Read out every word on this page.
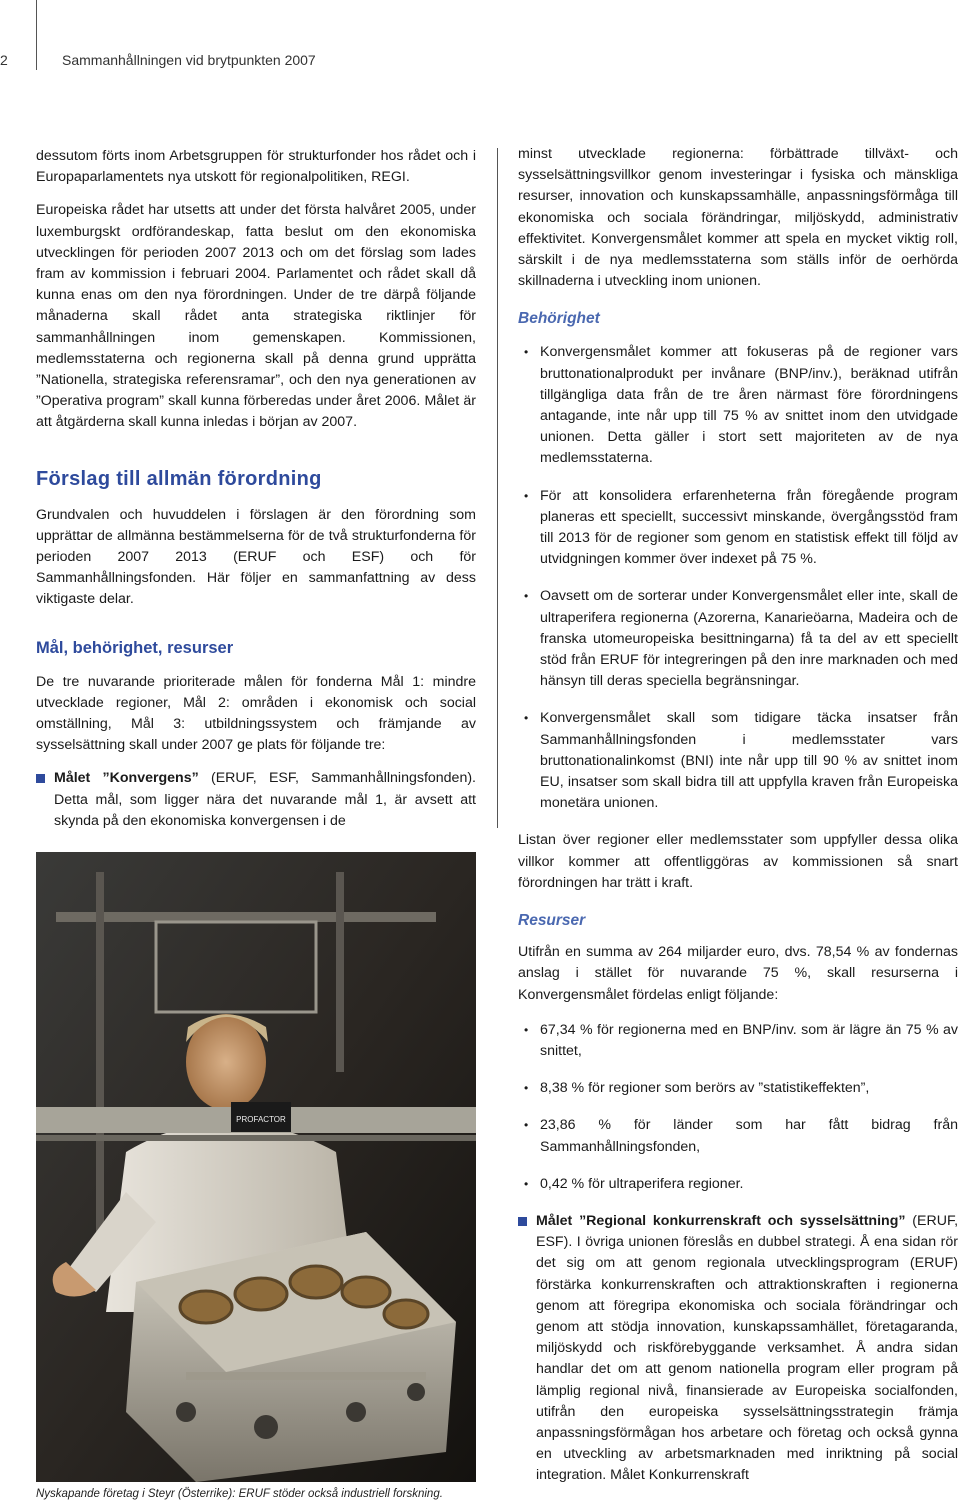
2	Sammanhållningen vid brytpunkten 2007

dessutom förts inom Arbetsgruppen för strukturfonder hos rådet och i Europaparlamentets nya utskott för regionalpolitiken, REGI.

Europeiska rådet har utsetts att under det första halvåret 2005, under luxemburgskt ordförandeskap, fatta beslut om den ekonomiska utvecklingen för perioden 2007 2013 och om det förslag som lades fram av kommission i februari 2004. Parlamentet och rådet skall då kunna enas om den nya förordningen. Under de tre därpå följande månaderna skall rådet anta strategiska riktlinjer för sammanhållningen inom gemenskapen. Kommissionen, medlemsstaterna och regionerna skall på denna grund upprätta ”Nationella, strategiska referensramar”, och den nya generationen av ”Operativa program” skall kunna förberedas under året 2006. Målet är att åtgärderna skall kunna inledas i början av 2007.

Förslag till allmän förordning

Grundvalen och huvuddelen i förslagen är den förordning som upprättar de allmänna bestämmelserna för de två strukturfonderna för perioden 2007 2013 (ERUF och ESF) och för Sammanhållningsfonden. Här följer en sammanfattning av dess viktigaste delar.

Mål, behörighet, resurser

De tre nuvarande prioriterade målen för fonderna Mål 1: mindre utvecklade regioner, Mål 2: områden i ekonomisk och social omställning, Mål 3: utbildningssystem och främjande av sysselsättning skall under 2007 ge plats för följande tre:

Målet ”Konvergens” (ERUF, ESF, Sammanhållningsfonden). Detta mål, som ligger nära det nuvarande mål 1, är avsett att skynda på den ekonomiska konvergensen i de
PROFACTOR
Nyskapande företag i Steyr (Österrike): ERUF stöder också industriell forskning.

minst utvecklade regionerna: förbättrade tillväxt- och sysselsättningsvillkor genom investeringar i fysiska och mänskliga resurser, innovation och kunskapssamhälle, anpassningsförmåga till ekonomiska och sociala förändringar, miljöskydd, administrativ effektivitet. Konvergensmålet kommer att spela en mycket viktig roll, särskilt i de nya medlemsstaterna som ställs inför de oerhörda skillnaderna i utveckling inom unionen.

Behörighet
• Konvergensmålet kommer att fokuseras på de regioner vars bruttonationalprodukt per invånare (BNP/inv.), beräknad utifrån tillgängliga data från de tre åren närmast före förordningens antagande, inte når upp till 75 % av snittet inom den utvidgade unionen. Detta gäller i stort sett majoriteten av de nya medlemsstaterna.
• För att konsolidera erfarenheterna från föregående program planeras ett speciellt, successivt minskande, övergångsstöd fram till 2013 för de regioner som genom en statistisk effekt till följd av utvidgningen kommer över indexet på 75 %.
• Oavsett om de sorterar under Konvergensmålet eller inte, skall de ultraperifera regionerna (Azorerna, Kanarieöarna, Madeira och de franska utomeuropeiska besittningarna) få ta del av ett speciellt stöd från ERUF för integreringen på den inre marknaden och med hänsyn till deras speciella begränsningar.
• Konvergensmålet skall som tidigare täcka insatser från Sammanhållningsfonden i medlemsstater vars bruttonationalinkomst (BNI) inte når upp till 90 % av snittet inom EU, insatser som skall bidra till att uppfylla kraven från Europeiska monetära unionen.

Listan över regioner eller medlemsstater som uppfyller dessa olika villkor kommer att offentliggöras av kommissionen så snart förordningen har trätt i kraft.

Resurser

Utifrån en summa av 264 miljarder euro, dvs. 78,54 % av fondernas anslag i stället för nuvarande 75 %, skall resurserna i Konvergensmålet fördelas enligt följande:

• 67,34 % för regionerna med en BNP/inv. som är lägre än 75 % av snittet,
• 8,38 % för regioner som berörs av ”statistikeffekten”,
• 23,86 % för länder som har fått bidrag från Sammanhållningsfonden,
• 0,42 % för ultraperifera regioner.
Målet ”Regional konkurrenskraft och sysselsättning” (ERUF, ESF). I övriga unionen föreslås en dubbel strategi. Å ena sidan rör det sig om att genom regionala utvecklingsprogram (ERUF) förstärka konkurrenskraften och attraktionskraften i regionerna genom att föregripa ekonomiska och sociala förändringar och genom att stödja innovation, kunskapssamhället, företagaranda, miljöskydd och riskförebyggande verksamhet. Å andra sidan handlar det om att genom nationella program eller program på lämplig regional nivå, finansierade av Europeiska socialfonden, utifrån den europeiska sysselsättningsstrategin främja anpassningsförmågan hos arbetare och företag och också gynna en utveckling av arbetsmarknaden med inriktning på social integration. Målet Konkurrenskraft
